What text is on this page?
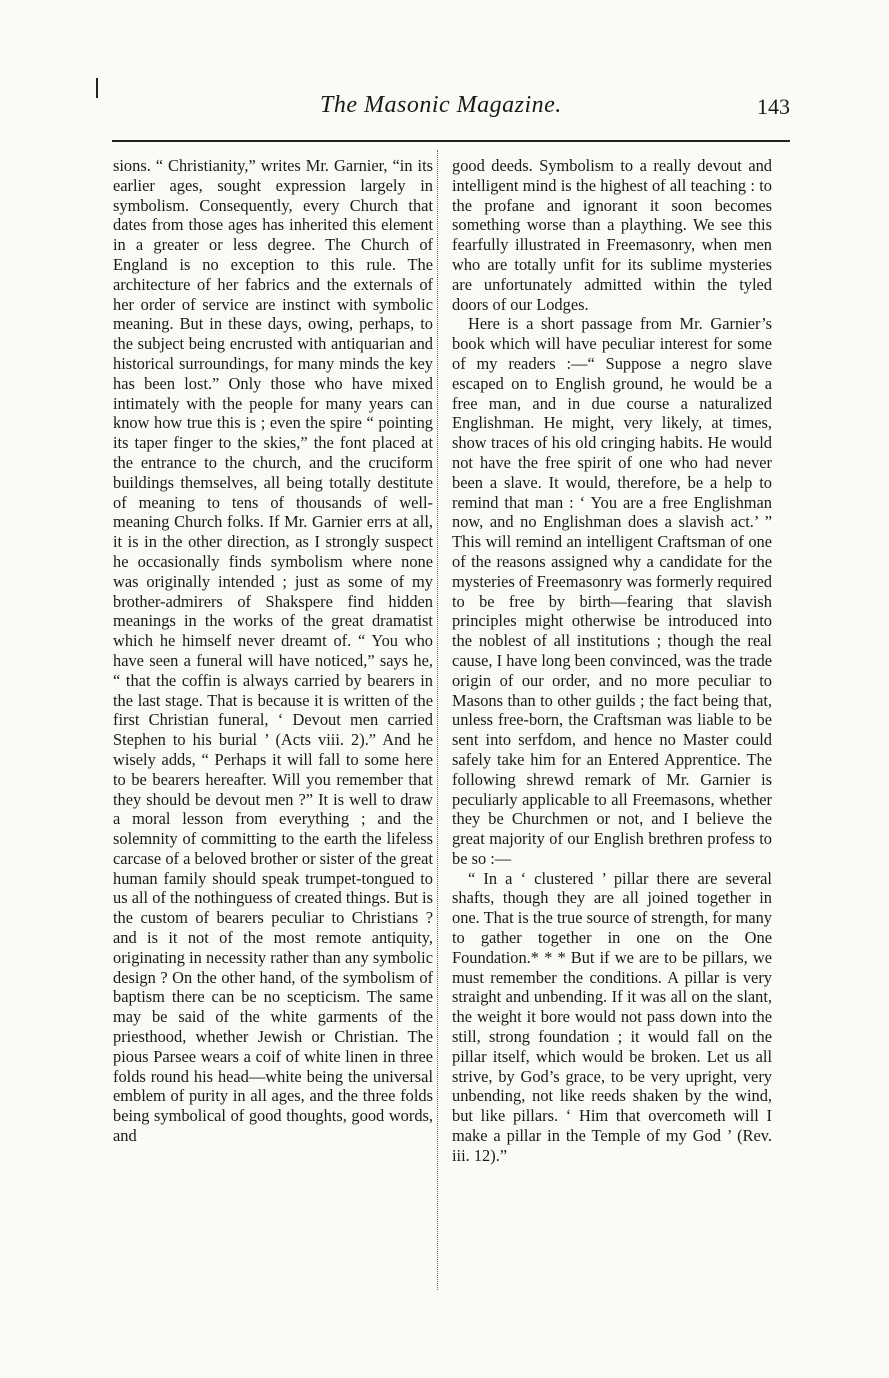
The Masonic Magazine.	143

sions. “ Christianity,” writes Mr. Garnier, “in its earlier ages, sought expression largely in symbolism. Consequently, every Church that dates from those ages has inherited this element in a greater or less degree. The Church of England is no exception to this rule. The architecture of her fabrics and the externals of her order of service are instinct with symbolic meaning. But in these days, owing, perhaps, to the subject being encrusted with antiquarian and historical surroundings, for many minds the key has been lost.” Only those who have mixed intimately with the people for many years can know how true this is ; even the spire “ pointing its taper finger to the skies,” the font placed at the entrance to the church, and the cruciform buildings themselves, all being totally destitute of meaning to tens of thousands of well-meaning Church folks. If Mr. Garnier errs at all, it is in the other direction, as I strongly suspect he occasionally finds symbolism where none was originally intended ; just as some of my brother-admirers of Shakspere find hidden meanings in the works of the great dramatist which he himself never dreamt of. “ You who have seen a funeral will have noticed,” says he, “ that the coffin is always carried by bearers in the last stage. That is because it is written of the first Christian funeral, ‘ Devout men carried Stephen to his burial ’ (Acts viii. 2).” And he wisely adds, “ Perhaps it will fall to some here to be bearers hereafter. Will you remember that they should be devout men ?” It is well to draw a moral lesson from everything ; and the solemnity of committing to the earth the lifeless carcase of a beloved brother or sister of the great human family should speak trumpet-tongued to us all of the nothinguess of created things. But is the custom of bearers peculiar to Christians ? and is it not of the most remote antiquity, originating in necessity rather than any symbolic design ? On the other hand, of the symbolism of baptism there can be no scepticism. The same may be said of the white garments of the priesthood, whether Jewish or Christian. The pious Parsee wears a coif of white linen in three folds round his head—white being the universal emblem of purity in all ages, and the three folds being symbolical of good thoughts, good words, and

good deeds. Symbolism to a really devout and intelligent mind is the highest of all teaching : to the profane and ignorant it soon becomes something worse than a plaything. We see this fearfully illustrated in Freemasonry, when men who are totally unfit for its sublime mysteries are unfortunately admitted within the tyled doors of our Lodges.

Here is a short passage from Mr. Garnier’s book which will have peculiar interest for some of my readers :—“ Suppose a negro slave escaped on to English ground, he would be a free man, and in due course a naturalized Englishman. He might, very likely, at times, show traces of his old cringing habits. He would not have the free spirit of one who had never been a slave. It would, therefore, be a help to remind that man : ‘ You are a free Englishman now, and no Englishman does a slavish act.’ ” This will remind an intelligent Craftsman of one of the reasons assigned why a candidate for the mysteries of Freemasonry was formerly required to be free by birth—fearing that slavish principles might otherwise be introduced into the noblest of all institutions ; though the real cause, I have long been convinced, was the trade origin of our order, and no more peculiar to Masons than to other guilds ; the fact being that, unless free-born, the Craftsman was liable to be sent into serfdom, and hence no Master could safely take him for an Entered Apprentice. The following shrewd remark of Mr. Garnier is peculiarly applicable to all Freemasons, whether they be Churchmen or not, and I believe the great majority of our English brethren profess to be so :—

“ In a ‘ clustered ’ pillar there are several shafts, though they are all joined together in one. That is the true source of strength, for many to gather together in one on the One Foundation.* * * But if we are to be pillars, we must remember the conditions. A pillar is very straight and unbending. If it was all on the slant, the weight it bore would not pass down into the still, strong foundation ; it would fall on the pillar itself, which would be broken. Let us all strive, by God’s grace, to be very upright, very unbending, not like reeds shaken by the wind, but like pillars. ‘ Him that overcometh will I make a pillar in the Temple of my God ’ (Rev. iii. 12).”
